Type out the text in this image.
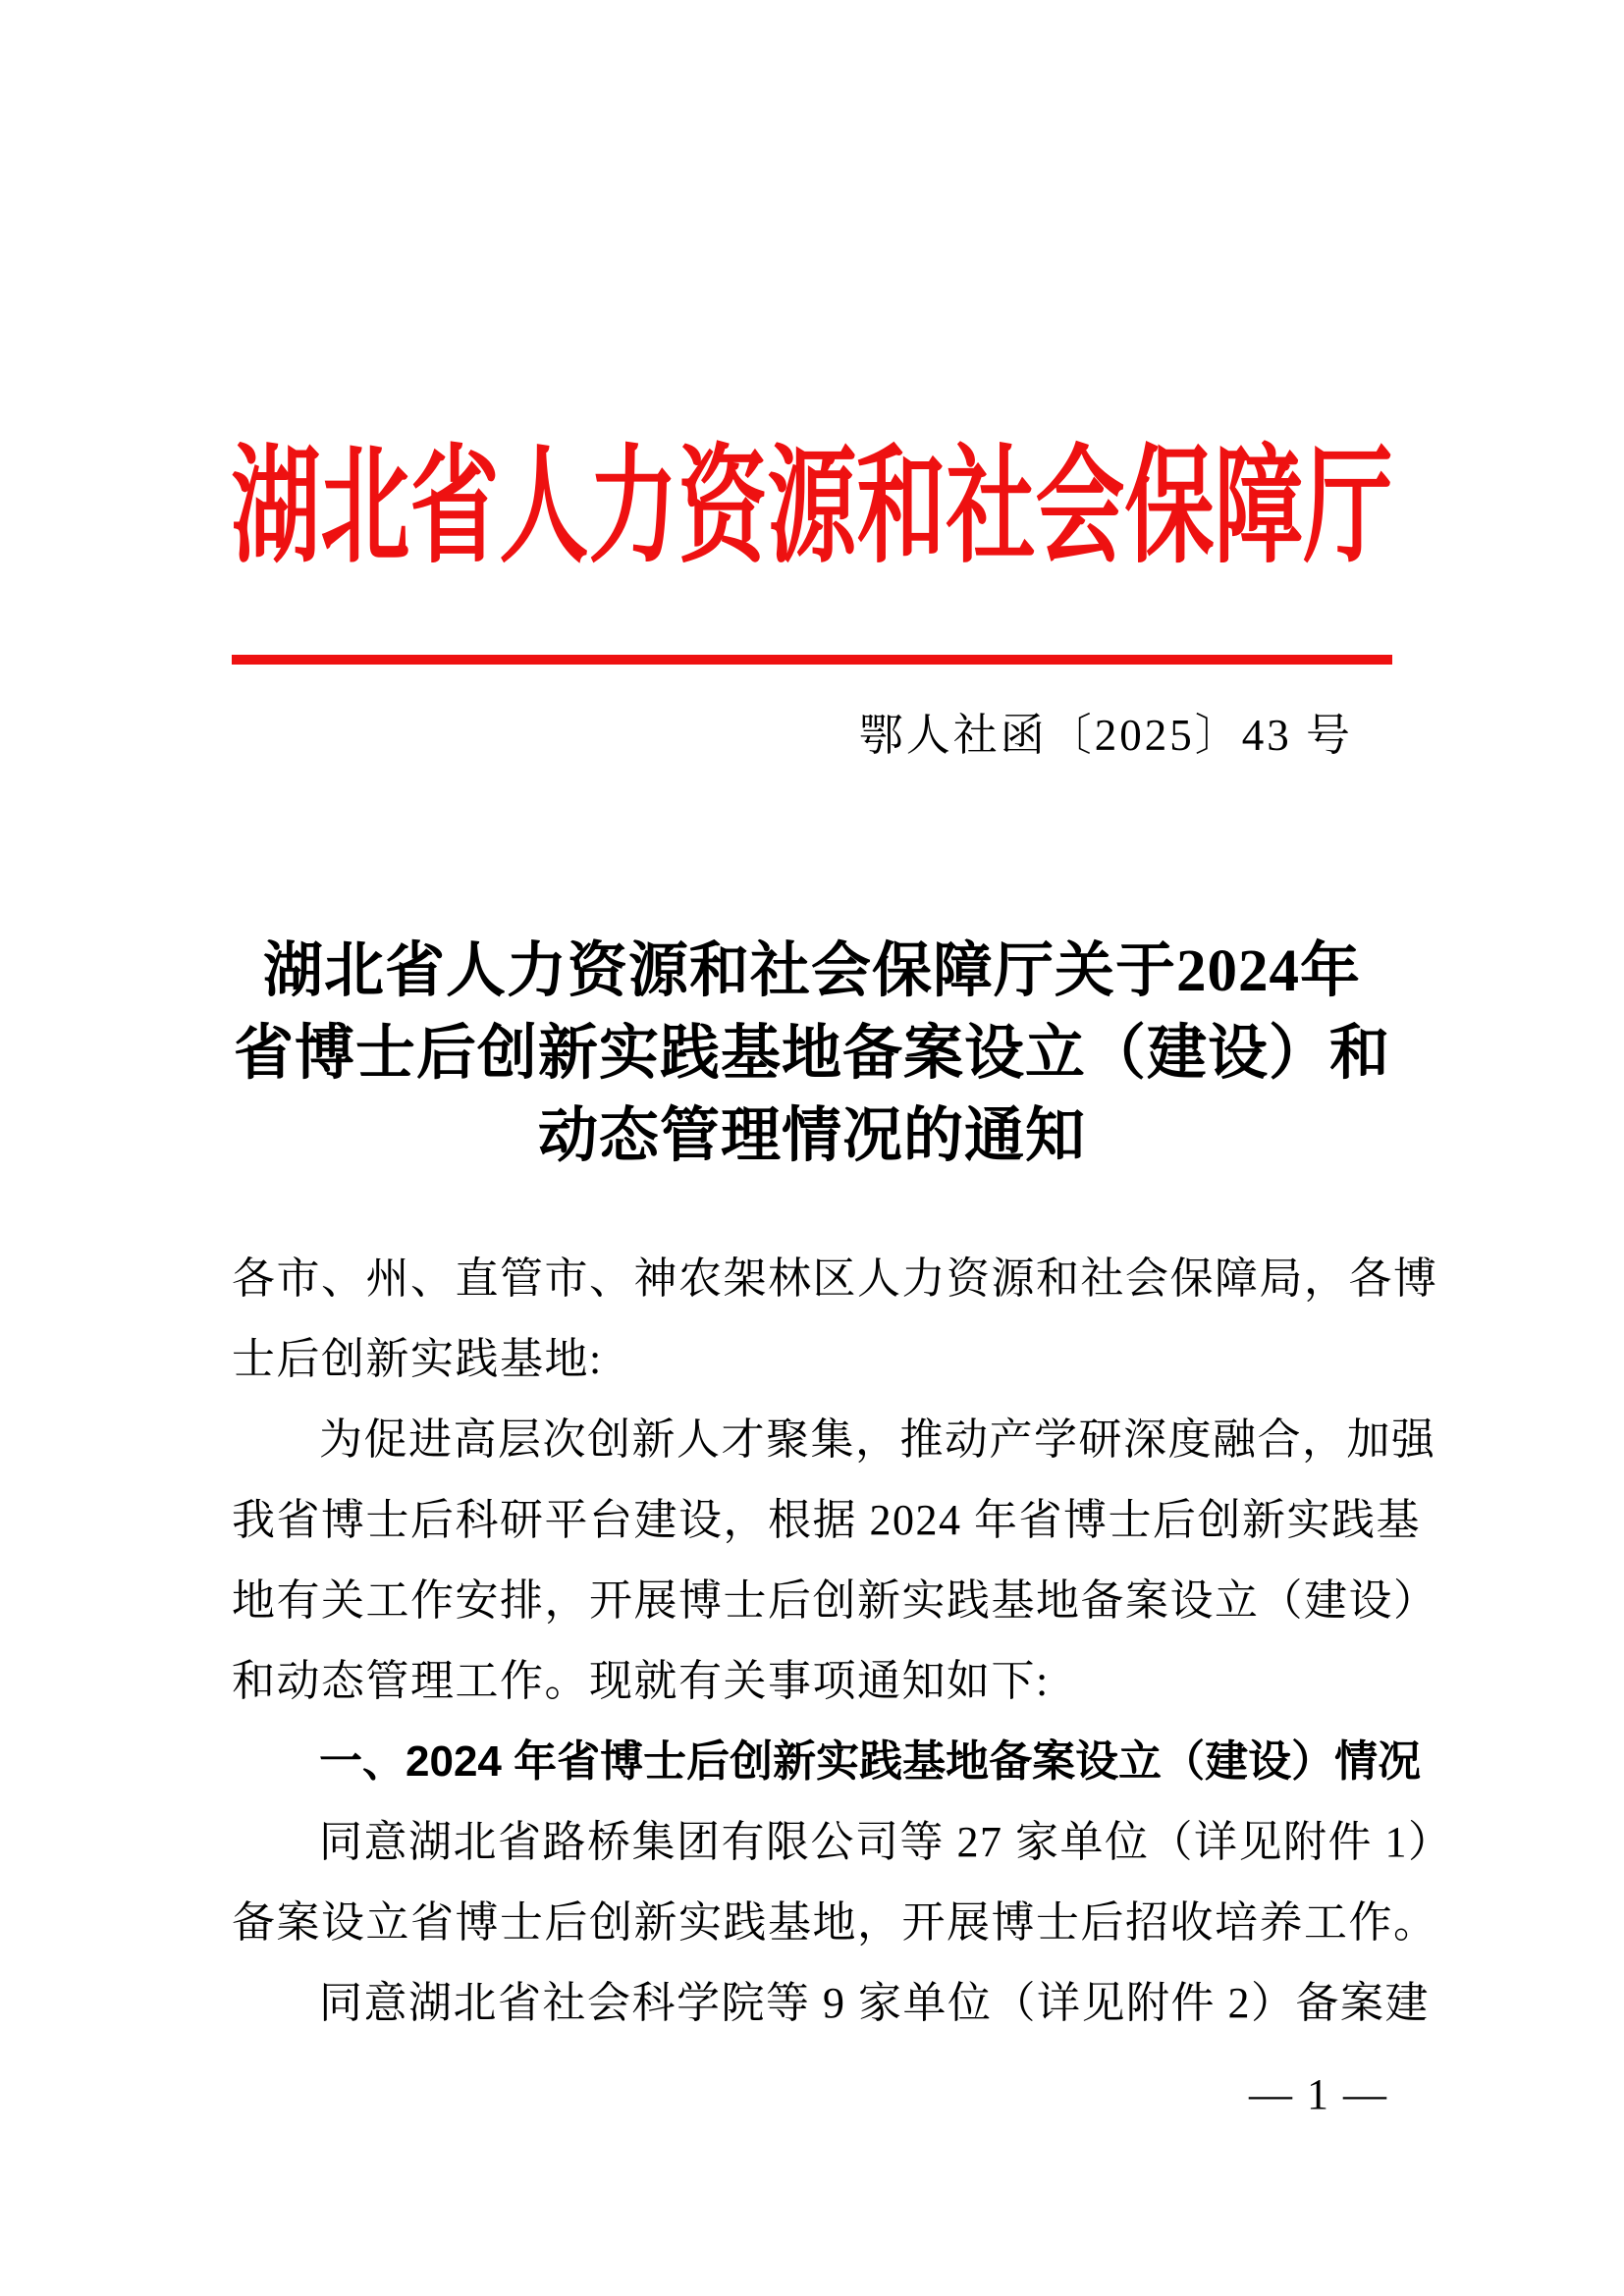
湖北省人力资源和社会保障厅
鄂人社函〔2025〕43 号
湖北省人力资源和社会保障厅关于2024年
省博士后创新实践基地备案设立（建设）和
动态管理情况的通知
各市、州、直管市、神农架林区人力资源和社会保障局，各博
士后创新实践基地:
为促进高层次创新人才聚集，推动产学研深度融合，加强
我省博士后科研平台建设，根据 2024 年省博士后创新实践基
地有关工作安排，开展博士后创新实践基地备案设立（建设）
和动态管理工作。现就有关事项通知如下:
一、2024 年省博士后创新实践基地备案设立（建设）情况
同意湖北省路桥集团有限公司等 27 家单位（详见附件 1）
备案设立省博士后创新实践基地，开展博士后招收培养工作。
同意湖北省社会科学院等 9 家单位（详见附件 2）备案建
— 1 —
